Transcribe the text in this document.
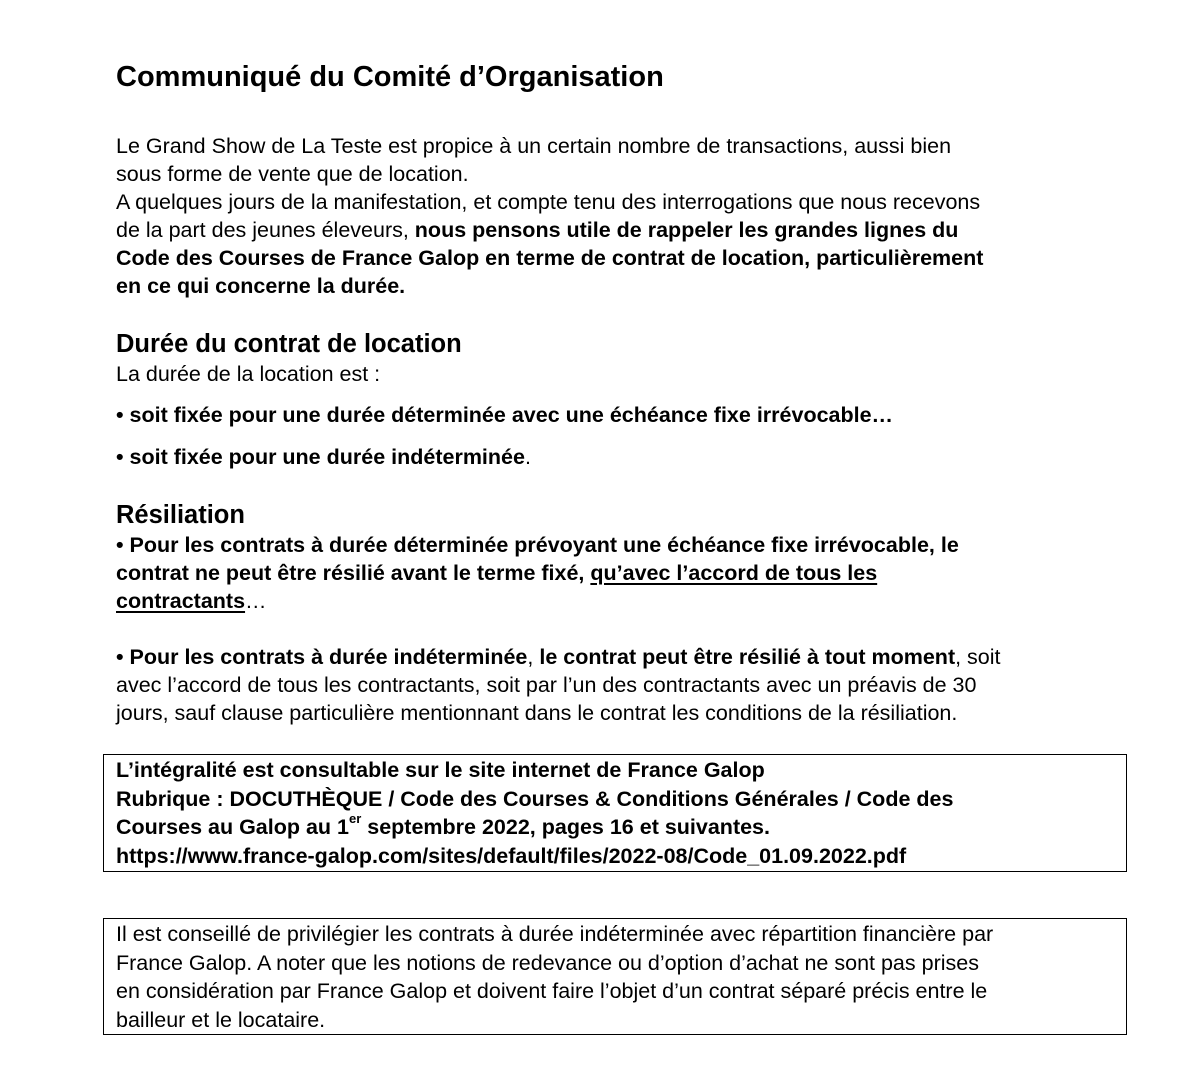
Communiqué du Comité d’Organisation
Le Grand Show de La Teste est propice à un certain nombre de transactions, aussi bien
sous forme de vente que de location.
A quelques jours de la manifestation, et compte tenu des interrogations que nous recevons
de la part des jeunes éleveurs, nous pensons utile de rappeler les grandes lignes du
Code des Courses de France Galop en terme de contrat de location, particulièrement
en ce qui concerne la durée.
Durée du contrat de location
La durée de la location est :
• soit fixée pour une durée déterminée avec une échéance fixe irrévocable…
• soit fixée pour une durée indéterminée.
Résiliation
• Pour les contrats à durée déterminée prévoyant une échéance fixe irrévocable, le
contrat ne peut être résilié avant le terme fixé, qu’avec l’accord de tous les
contractants…
• Pour les contrats à durée indéterminée, le contrat peut être résilié à tout moment, soit
avec l’accord de tous les contractants, soit par l’un des contractants avec un préavis de 30
jours, sauf clause particulière mentionnant dans le contrat les conditions de la résiliation.
L’intégralité est consultable sur le site internet de France Galop
Rubrique : DOCUTHÈQUE / Code des Courses & Conditions Générales / Code des
Courses au Galop au 1er septembre 2022, pages 16 et suivantes.
https://www.france-galop.com/sites/default/files/2022-08/Code_01.09.2022.pdf
Il est conseillé de privilégier les contrats à durée indéterminée avec répartition financière par
France Galop. A noter que les notions de redevance ou d’option d’achat ne sont pas prises
en considération par France Galop et doivent faire l’objet d’un contrat séparé précis entre le
bailleur et le locataire.
